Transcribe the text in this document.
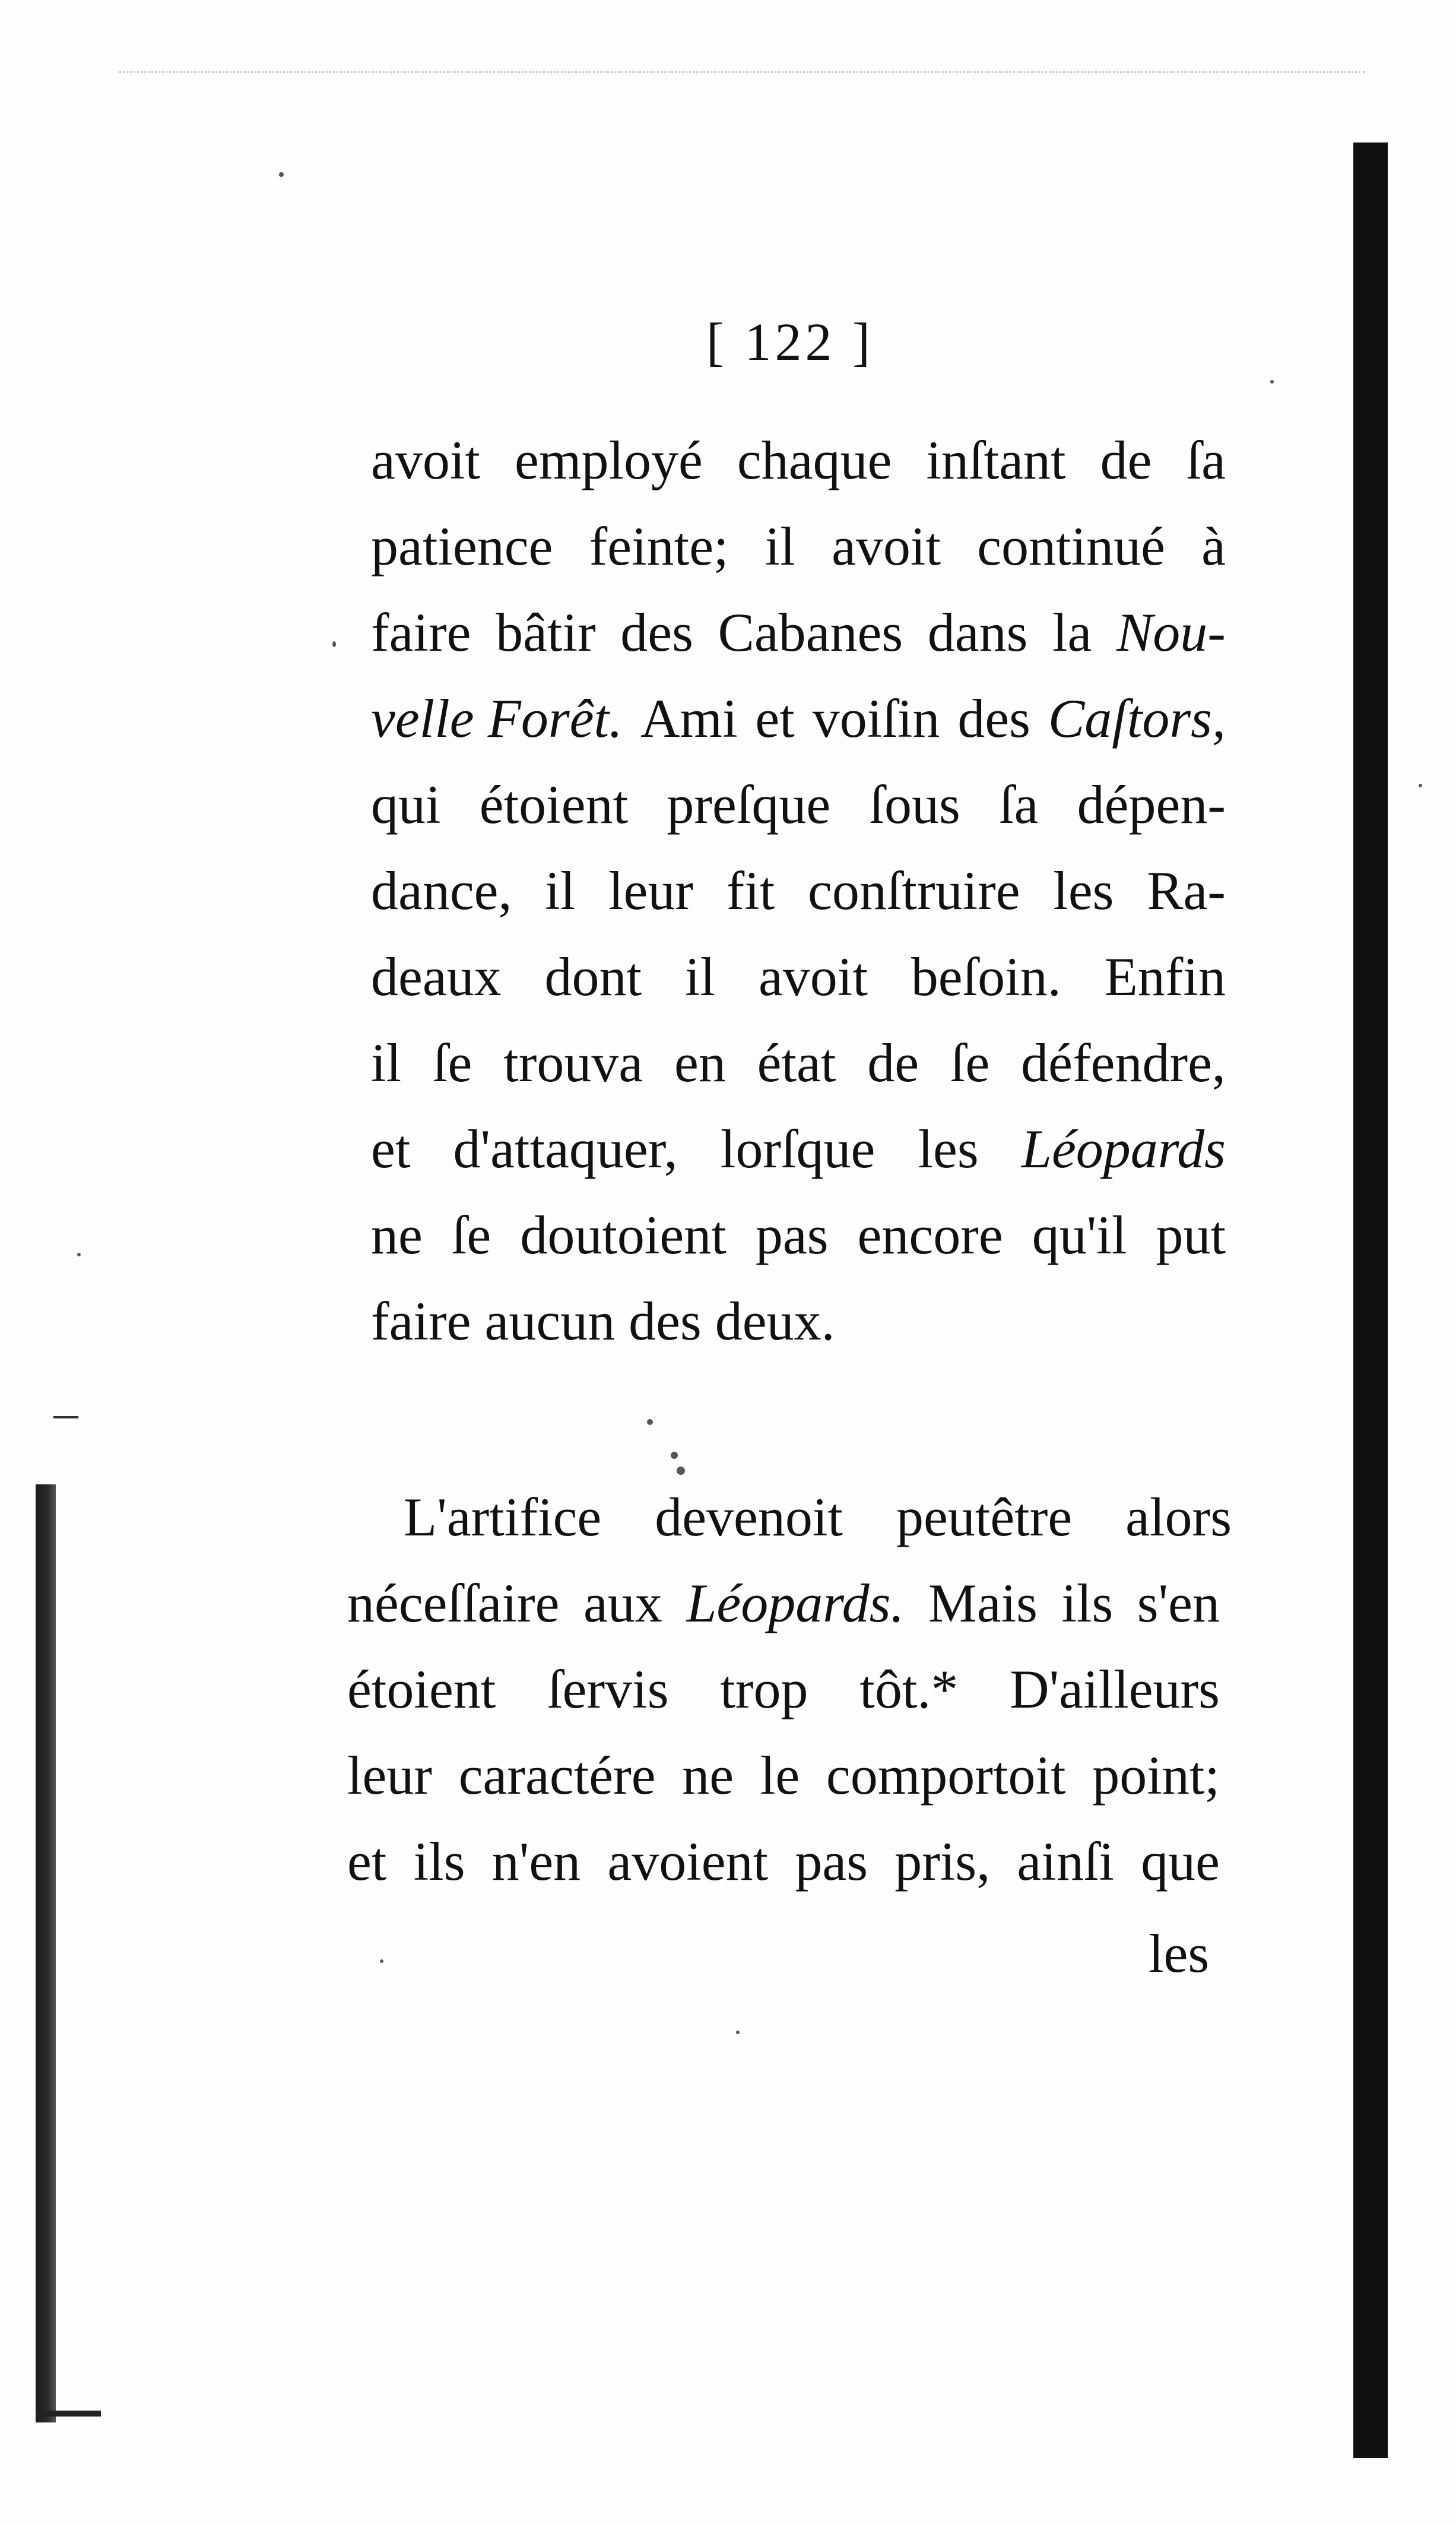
[ 122 ]
avoit employé chaque inſtant de ſa
patience feinte; il avoit continué à
faire bâtir des Cabanes dans la Nou-
velle Forêt. Ami et voiſin des Caſtors,
qui étoient preſque ſous ſa dépen-
dance, il leur fit conſtruire les Ra-
deaux dont il avoit beſoin. Enfin
il ſe trouva en état de ſe défendre,
et d'attaquer, lorſque les Léopards
ne ſe doutoient pas encore qu'il put
faire aucun des deux.
L'artifice devenoit peutêtre alors
néceſſaire aux Léopards. Mais ils s'en
étoient ſervis trop tôt.* D'ailleurs
leur caractére ne le comportoit point;
et ils n'en avoient pas pris, ainſi que
les
